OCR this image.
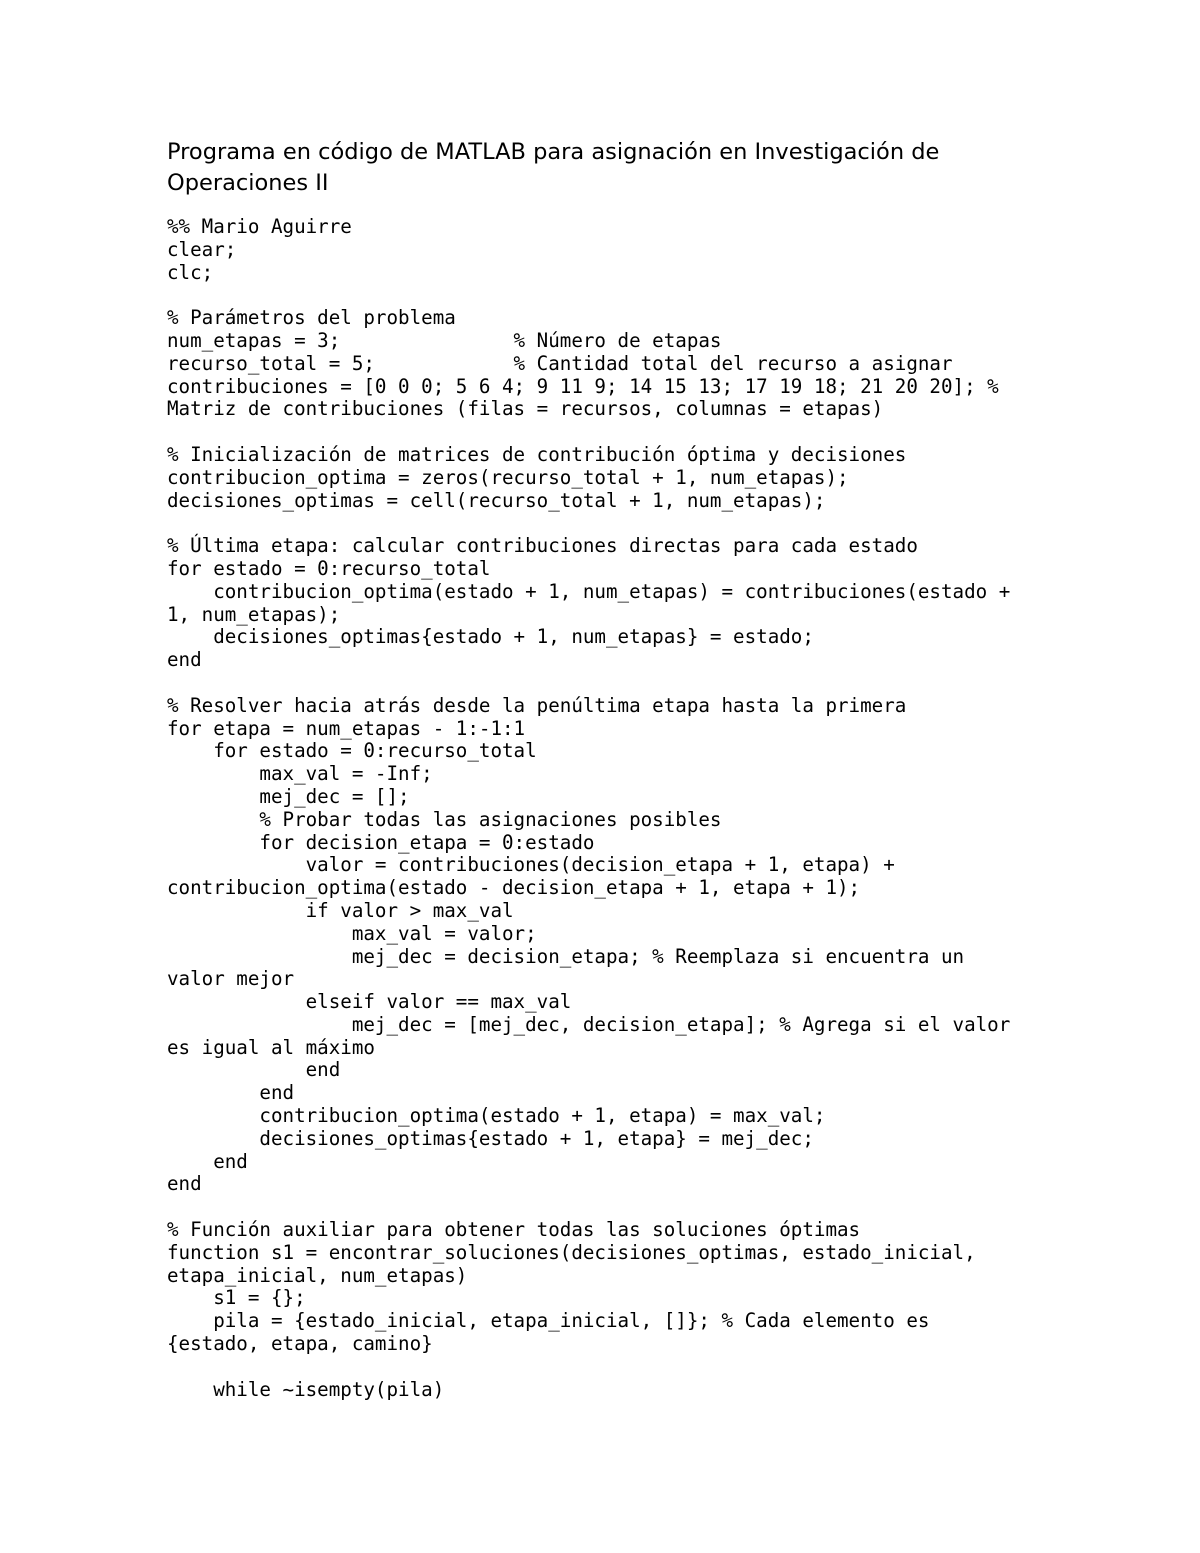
Programa en código de MATLAB para asignación en Investigación de Operaciones II
%% Mario Aguirre
clear;
clc;
% Parámetros del problema
num_etapas = 3;               % Número de etapas
recurso_total = 5;            % Cantidad total del recurso a asignar
contribuciones = [0 0 0; 5 6 4; 9 11 9; 14 15 13; 17 19 18; 21 20 20]; %
Matriz de contribuciones (filas = recursos, columnas = etapas)
% Inicialización de matrices de contribución óptima y decisiones
contribucion_optima = zeros(recurso_total + 1, num_etapas);
decisiones_optimas = cell(recurso_total + 1, num_etapas);
% Última etapa: calcular contribuciones directas para cada estado
for estado = 0:recurso_total
contribucion_optima(estado + 1, num_etapas) = contribuciones(estado +
1, num_etapas);
decisiones_optimas{estado + 1, num_etapas} = estado;
end
% Resolver hacia atrás desde la penúltima etapa hasta la primera
for etapa = num_etapas - 1:-1:1
for estado = 0:recurso_total
max_val = -Inf;
mej_dec = [];
% Probar todas las asignaciones posibles
for decision_etapa = 0:estado
valor = contribuciones(decision_etapa + 1, etapa) +
contribucion_optima(estado - decision_etapa + 1, etapa + 1);
if valor > max_val
max_val = valor;
mej_dec = decision_etapa; % Reemplaza si encuentra un
valor mejor
elseif valor == max_val
mej_dec = [mej_dec, decision_etapa]; % Agrega si el valor
es igual al máximo
end
end
contribucion_optima(estado + 1, etapa) = max_val;
decisiones_optimas{estado + 1, etapa} = mej_dec;
end
end
% Función auxiliar para obtener todas las soluciones óptimas
function s1 = encontrar_soluciones(decisiones_optimas, estado_inicial,
etapa_inicial, num_etapas)
s1 = {};
pila = {estado_inicial, etapa_inicial, []}; % Cada elemento es
{estado, etapa, camino}
while ~isempty(pila)
